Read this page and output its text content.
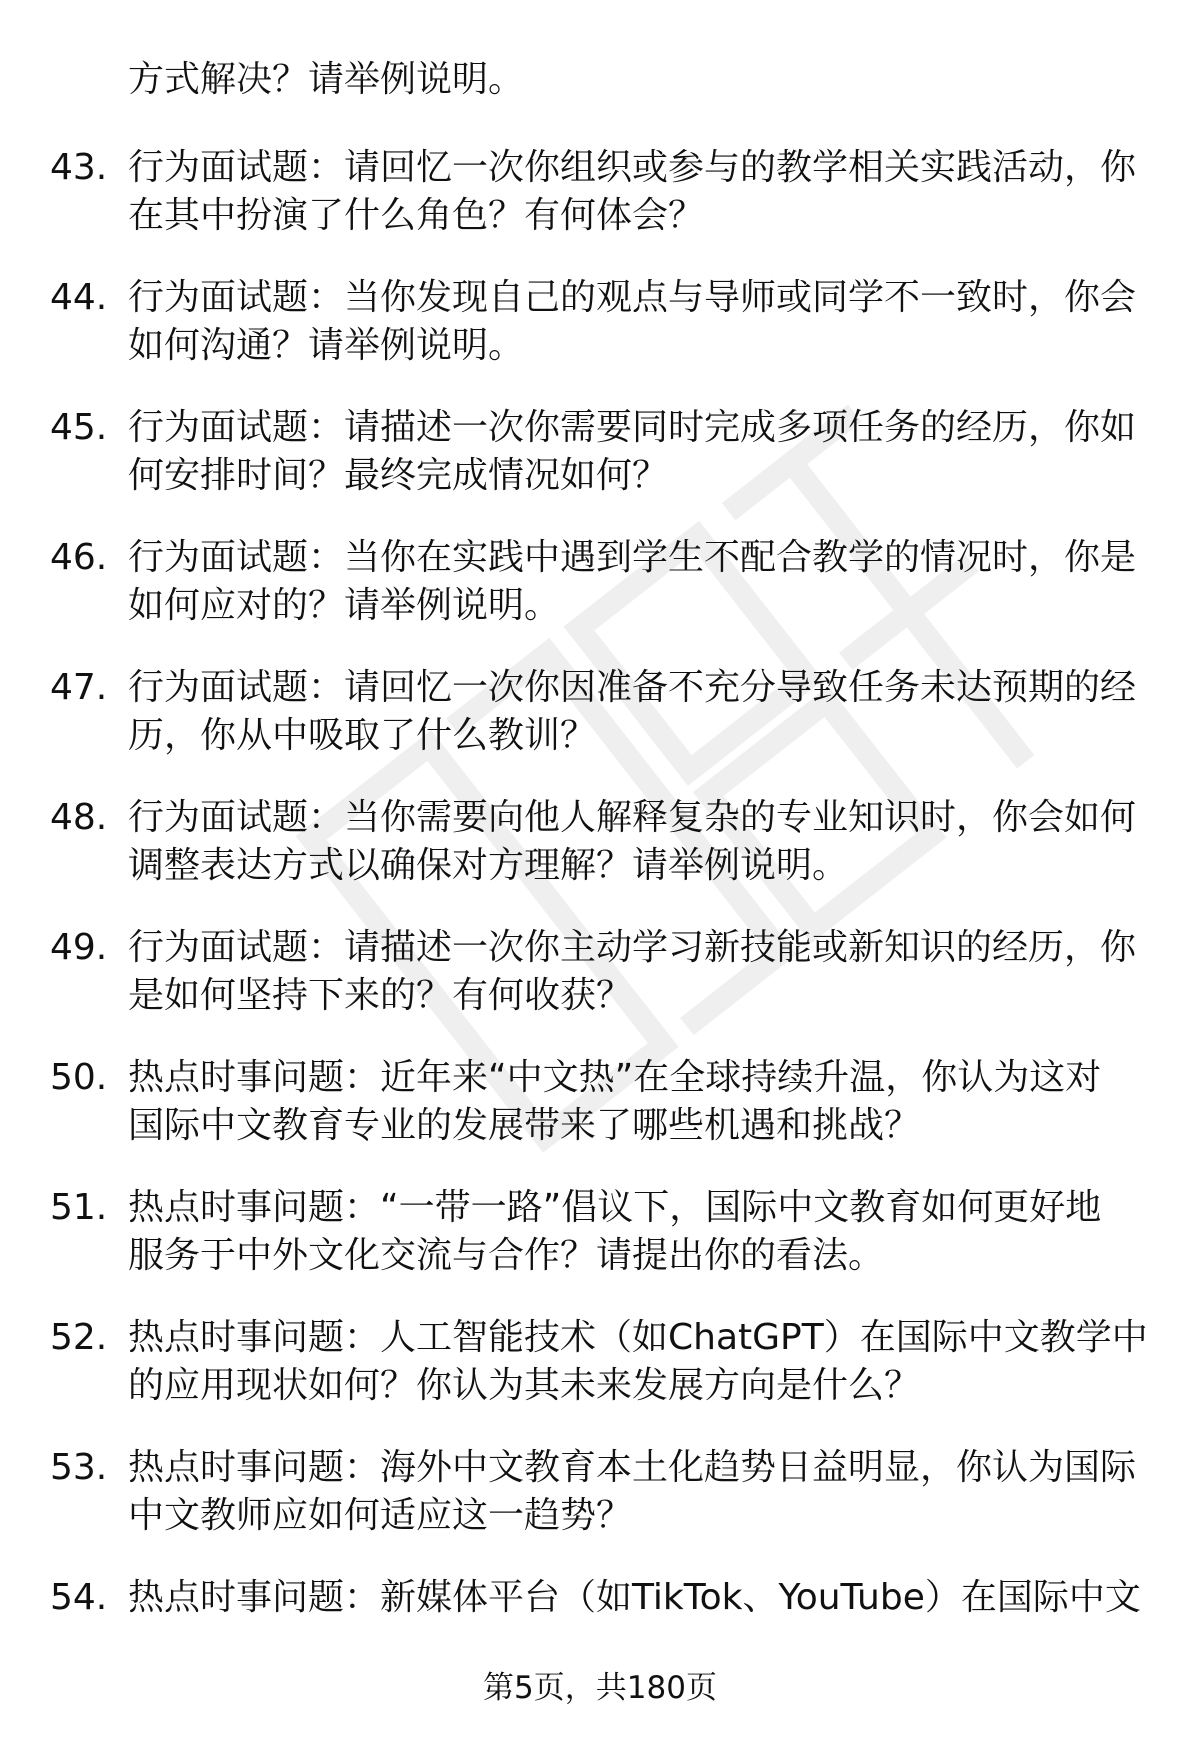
方式解决？请举例说明。
43. 行为面试题：请回忆一次你组织或参与的教学相关实践活动，你
在其中扮演了什么角色？有何体会？
44. 行为面试题：当你发现自己的观点与导师或同学不一致时，你会
如何沟通？请举例说明。
45. 行为面试题：请描述一次你需要同时完成多项任务的经历，你如
何安排时间？最终完成情况如何？
46. 行为面试题：当你在实践中遇到学生不配合教学的情况时，你是
如何应对的？请举例说明。
47. 行为面试题：请回忆一次你因准备不充分导致任务未达预期的经
历，你从中吸取了什么教训？
48. 行为面试题：当你需要向他人解释复杂的专业知识时，你会如何
调整表达方式以确保对方理解？请举例说明。
49. 行为面试题：请描述一次你主动学习新技能或新知识的经历，你
是如何坚持下来的？有何收获？
50. 热点时事问题：近年来“中文热”在全球持续升温，你认为这对
国际中文教育专业的发展带来了哪些机遇和挑战？
51. 热点时事问题：“一带一路”倡议下，国际中文教育如何更好地
服务于中外文化交流与合作？请提出你的看法。
52. 热点时事问题：人工智能技术（如ChatGPT）在国际中文教学中
的应用现状如何？你认为其未来发展方向是什么？
53. 热点时事问题：海外中文教育本土化趋势日益明显，你认为国际
中文教师应如何适应这一趋势？
54. 热点时事问题：新媒体平台（如TikTok、YouTube）在国际中文
第5页，共180页
